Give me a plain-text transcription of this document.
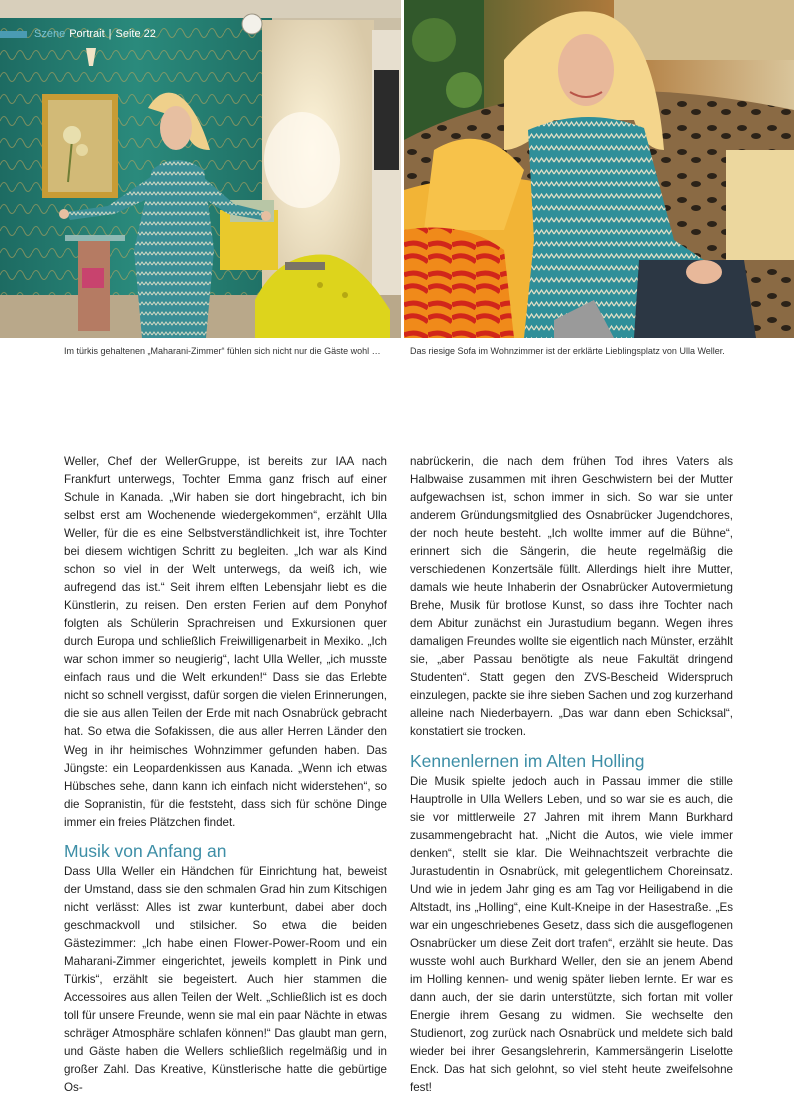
Szene Portrait | Seite 22
Im türkis gehaltenen „Maharani-Zimmer“ fühlen sich nicht nur die Gäste wohl …	Das riesige Sofa im Wohnzimmer ist der erklärte Lieblingsplatz von Ulla Weller.

Weller, Chef der WellerGruppe, ist bereits zur IAA nach Frankfurt unterwegs, Tochter Emma ganz frisch auf einer Schule in Kanada. „Wir haben sie dort hingebracht, ich bin selbst erst am Wochenende wiedergekommen“, erzählt Ulla Weller, für die es eine Selbstverständlichkeit ist, ihre Tochter bei diesem wichtigen Schritt zu begleiten. „Ich war als Kind schon so viel in der Welt unterwegs, da weiß ich, wie aufregend das ist.“ Seit ihrem elften Lebensjahr liebt es die Künstlerin, zu reisen. Den ersten Ferien auf dem Ponyhof folgten als Schülerin Sprachreisen und Exkursionen quer durch Europa und schließlich Freiwilligenarbeit in Mexiko. „Ich war schon immer so neugierig“, lacht Ulla Weller, „ich musste einfach raus und die Welt erkunden!“ Dass sie das Erlebte nicht so schnell vergisst, dafür sorgen die vielen Erinnerungen, die sie aus allen Teilen der Erde mit nach Osnabrück gebracht hat. So etwa die Sofakissen, die aus aller Herren Länder den Weg in ihr heimisches Wohnzimmer gefunden haben. Das Jüngste: ein Leopardenkissen aus Kanada. „Wenn ich etwas Hübsches sehe, dann kann ich einfach nicht widerstehen“, so die Sopranistin, für die feststeht, dass sich für schöne Dinge immer ein freies Plätzchen findet.

Musik von Anfang an

Dass Ulla Weller ein Händchen für Einrichtung hat, beweist der Umstand, dass sie den schmalen Grad hin zum Kitschigen nicht verlässt: Alles ist zwar kunterbunt, dabei aber doch geschmackvoll und stilsicher. So etwa die beiden Gästezimmer: „Ich habe einen Flower-Power-Room und ein Maharani-Zimmer eingerichtet, jeweils komplett in Pink und Türkis“, erzählt sie begeistert. Auch hier stammen die Accessoires aus allen Teilen der Welt. „Schließlich ist es doch toll für unsere Freunde, wenn sie mal ein paar Nächte in etwas schräger Atmosphäre schlafen können!“ Das glaubt man gern, und Gäste haben die Wellers schließlich regelmäßig und in großer Zahl. Das Kreative, Künstlerische hatte die gebürtige Os-

nabrückerin, die nach dem frühen Tod ihres Vaters als Halbwaise zusammen mit ihren Geschwistern bei der Mutter aufgewachsen ist, schon immer in sich. So war sie unter anderem Gründungsmitglied des Osnabrücker Jugendchores, der noch heute besteht. „Ich wollte immer auf die Bühne“, erinnert sich die Sängerin, die heute regelmäßig die verschiedenen Konzertsäle füllt. Allerdings hielt ihre Mutter, damals wie heute Inhaberin der Osnabrücker Autovermietung Brehe, Musik für brotlose Kunst, so dass ihre Tochter nach dem Abitur zunächst ein Jurastudium begann. Wegen ihres damaligen Freundes wollte sie eigentlich nach Münster, erzählt sie, „aber Passau benötigte als neue Fakultät dringend Studenten“. Statt gegen den ZVS-Bescheid Widerspruch einzulegen, packte sie ihre sieben Sachen und zog kurzerhand alleine nach Niederbayern. „Das war dann eben Schicksal“, konstatiert sie trocken.

Kennenlernen im Alten Holling

Die Musik spielte jedoch auch in Passau immer die stille Hauptrolle in Ulla Wellers Leben, und so war sie es auch, die sie vor mittlerweile 27 Jahren mit ihrem Mann Burkhard zusammengebracht hat. „Nicht die Autos, wie viele immer denken“, stellt sie klar. Die Weihnachtszeit verbrachte die Jurastudentin in Osnabrück, mit gelegentlichem Choreinsatz. Und wie in jedem Jahr ging es am Tag vor Heiligabend in die Altstadt, ins „Holling“, eine Kult-Kneipe in der Hasestraße. „Es war ein ungeschriebenes Gesetz, dass sich die ausgeflogenen Osnabrücker um diese Zeit dort trafen“, erzählt sie heute. Das wusste wohl auch Burkhard Weller, den sie an jenem Abend im Holling kennen- und wenig später lieben lernte. Er war es dann auch, der sie darin unterstützte, sich fortan mit voller Energie ihrem Gesang zu widmen. Sie wechselte den Studienort, zog zurück nach Osnabrück und meldete sich bald wieder bei ihrer Gesangslehrerin, Kammersängerin Liselotte Enck. Das hat sich gelohnt, so viel steht heute zweifelsohne fest!
